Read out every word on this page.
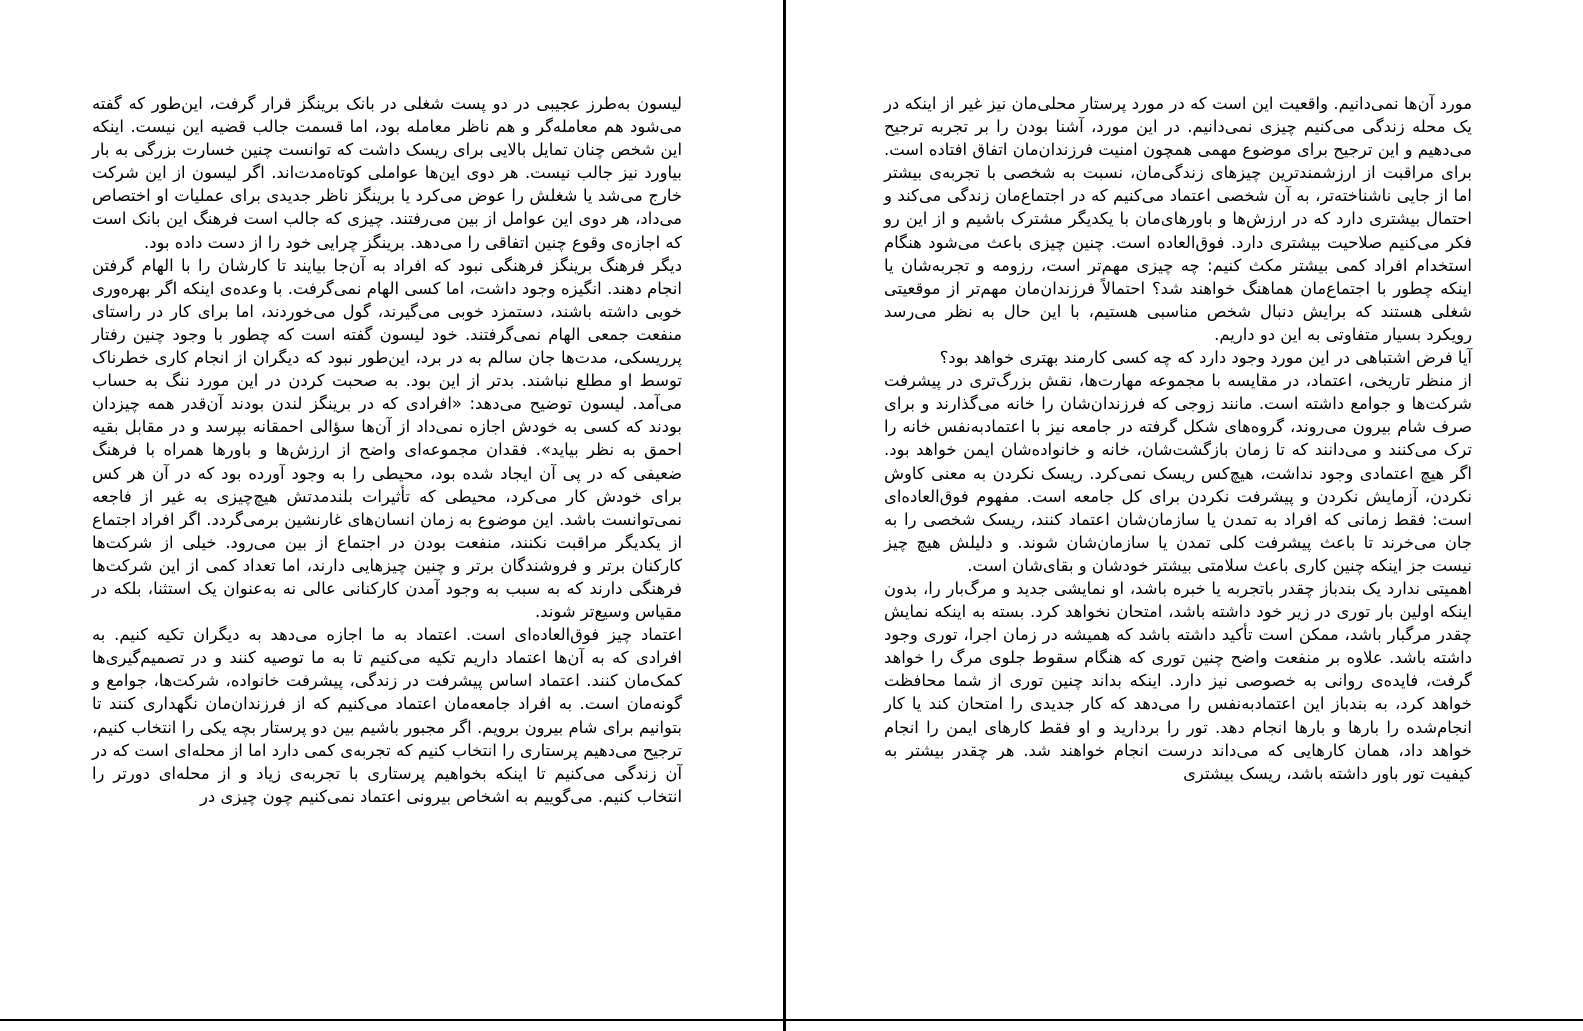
لیسون به‌طرز عجیبی در دو پست شغلی در بانک برینگز قرار گرفت، این‌طور که گفته می‌شود هم معامله‌گر و هم ناظر معامله بود، اما قسمت جالب قضیه این نیست. اینکه این شخص چنان تمایل بالایی برای ریسک داشت که توانست چنین خسارت بزرگی به بار بیاورد نیز جالب نیست. هر دوی این‌ها عواملی کوتاه‌مدت‌اند. اگر لیسون از این شرکت خارج می‌شد یا شغلش را عوض می‌کرد یا برینگز ناظر جدیدی برای عملیات او اختصاص می‌داد، هر دوی این عوامل از بین می‌رفتند. چیزی که جالب است فرهنگ این بانک است که اجازه‌ی وقوع چنین اتفاقی را می‌دهد. برینگز چرایی خود را از دست داده بود.

دیگر فرهنگ برینگز فرهنگی نبود که افراد به آن‌جا بیایند تا کارشان را با الهام گرفتن انجام دهند. انگیزه وجود داشت، اما کسی الهام نمی‌گرفت. با وعده‌ی اینکه اگر بهره‌وری خوبی داشته باشند، دستمزد خوبی می‌گیرند، گول می‌خوردند، اما برای کار در راستای منفعت جمعی الهام نمی‌گرفتند. خود لیسون گفته است که چطور با وجود چنین رفتار پرریسکی، مدت‌ها جان سالم به در برد، این‌طور نبود که دیگران از انجام کاری خطرناک توسط او مطلع نباشند. بدتر از این بود. به صحبت کردن در این مورد ننگ به حساب می‌آمد. لیسون توضیح می‌دهد: «افرادی که در برینگز لندن بودند آن‌قدر همه چیزدان بودند که کسی به خودش اجازه نمی‌داد از آن‌ها سؤالی احمقانه بپرسد و در مقابل بقیه احمق به نظر بیاید». فقدان مجموعه‌ای واضح از ارزش‌ها و باورها همراه با فرهنگ ضعیفی که در پی آن ایجاد شده بود، محیطی را به وجود آورده بود که در آن هر کس برای خودش کار می‌کرد، محیطی که تأثیرات بلندمدتش هیچ‌چیزی به غیر از فاجعه نمی‌توانست باشد. این موضوع به زمان انسان‌های غارنشین برمی‌گردد. اگر افراد اجتماع از یکدیگر مراقبت نکنند، منفعت بودن در اجتماع از بین می‌رود. خیلی از شرکت‌ها کارکنان برتر و فروشندگان برتر و چنین چیزهایی دارند، اما تعداد کمی از این شرکت‌ها فرهنگی دارند که به سبب به وجود آمدن کارکنانی عالی نه به‌عنوان یک استثنا، بلکه در مقیاس وسیع‌تر شوند.

اعتماد چیز فوق‌العاده‌ای است. اعتماد به ما اجازه می‌دهد به دیگران تکیه کنیم. به افرادی که به آن‌ها اعتماد داریم تکیه می‌کنیم تا به ما توصیه کنند و در تصمیم‌گیری‌ها کمک‌مان کنند. اعتماد اساس پیشرفت در زندگی، پیشرفت خانواده، شرکت‌ها، جوامع و گونه‌مان است. به افراد جامعه‌مان اعتماد می‌کنیم که از فرزندان‌مان نگهداری کنند تا بتوانیم برای شام بیرون برویم. اگر مجبور باشیم بین دو پرستار بچه یکی را انتخاب کنیم، ترجیح می‌دهیم پرستاری را انتخاب کنیم که تجربه‌ی کمی دارد اما از محله‌ای است که در آن زندگی می‌کنیم تا اینکه بخواهیم پرستاری با تجربه‌ی زیاد و از محله‌ای دورتر را انتخاب کنیم. می‌گوییم به اشخاص بیرونی اعتماد نمی‌کنیم چون چیزی در

مورد آن‌ها نمی‌دانیم. واقعیت این است که در مورد پرستار محلی‌مان نیز غیر از اینکه در یک محله زندگی می‌کنیم چیزی نمی‌دانیم. در این مورد، آشنا بودن را بر تجربه ترجیح می‌دهیم و این ترجیح برای موضوع مهمی همچون امنیت فرزندان‌مان اتفاق افتاده است. برای مراقبت از ارزشمندترین چیزهای زندگی‌مان، نسبت به شخصی با تجربه‌ی بیشتر اما از جایی ناشناخته‌تر، به آن شخصی اعتماد می‌کنیم که در اجتماع‌مان زندگی می‌کند و احتمال بیشتری دارد که در ارزش‌ها و باورهای‌مان با یکدیگر مشترک باشیم و از این رو فکر می‌کنیم صلاحیت بیشتری دارد. فوق‌العاده است. چنین چیزی باعث می‌شود هنگام استخدام افراد کمی بیشتر مکث کنیم: چه چیزی مهم‌تر است، رزومه و تجربه‌شان یا اینکه چطور با اجتماع‌مان هماهنگ خواهند شد؟ احتمالاً فرزندان‌مان مهم‌تر از موقعیتی شغلی هستند که برایش دنبال شخص مناسبی هستیم، با این حال به نظر می‌رسد رویکرد بسیار متفاوتی به این دو داریم.

آیا فرض اشتباهی در این مورد وجود دارد که چه کسی کارمند بهتری خواهد بود؟

از منظر تاریخی، اعتماد، در مقایسه با مجموعه مهارت‌ها، نقش بزرگ‌تری در پیشرفت شرکت‌ها و جوامع داشته است. مانند زوجی که فرزندان‌شان را خانه می‌گذارند و برای صرف شام بیرون می‌روند، گروه‌های شکل گرفته در جامعه نیز با اعتمادبه‌نفس خانه را ترک می‌کنند و می‌دانند که تا زمان بازگشت‌شان، خانه و خانواده‌شان ایمن خواهد بود. اگر هیچ اعتمادی وجود نداشت، هیچ‌کس ریسک نمی‌کرد. ریسک نکردن به معنی کاوش نکردن، آزمایش نکردن و پیشرفت نکردن برای کل جامعه است. مفهوم فوق‌العاده‌ای است: فقط زمانی که افراد به تمدن یا سازمان‌شان اعتماد کنند، ریسک شخصی را به جان می‌خرند تا باعث پیشرفت کلی تمدن یا سازمان‌شان شوند. و دلیلش هیچ چیز نیست جز اینکه چنین کاری باعث سلامتی بیشتر خودشان و بقای‌شان است.

اهمیتی ندارد یک بندباز چقدر باتجربه یا خبره باشد، او نمایشی جدید و مرگ‌بار را، بدون اینکه اولین بار توری در زیر خود داشته باشد، امتحان نخواهد کرد. بسته به اینکه نمایش چقدر مرگبار باشد، ممکن است تأکید داشته باشد که همیشه در زمان اجرا، توری وجود داشته باشد. علاوه بر منفعت واضح چنین توری که هنگام سقوط جلوی مرگ را خواهد گرفت، فایده‌ی روانی به خصوصی نیز دارد. اینکه بداند چنین توری از شما محافظت خواهد کرد، به بندباز این اعتمادبه‌نفس را می‌دهد که کار جدیدی را امتحان کند یا کار انجام‌شده را بارها و بارها انجام دهد. تور را بردارید و او فقط کارهای ایمن را انجام خواهد داد، همان کارهایی که می‌داند درست انجام خواهند شد. هر چقدر بیشتر به کیفیت تور باور داشته باشد، ریسک بیشتری
